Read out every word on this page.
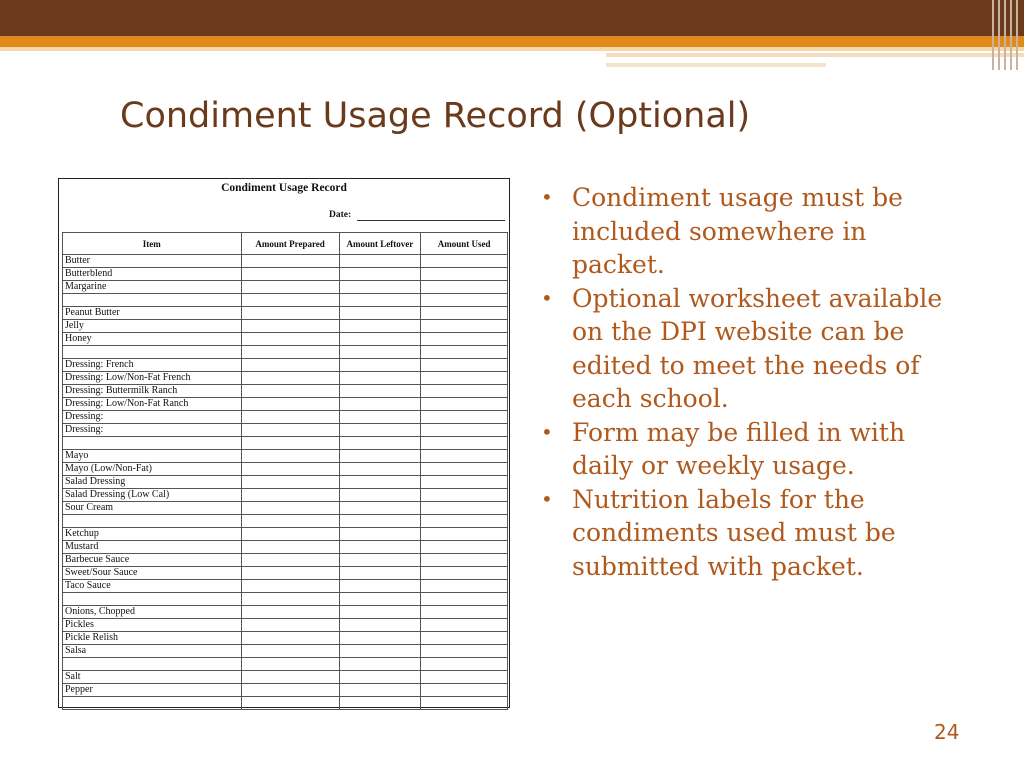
Condiment Usage Record (Optional)
Condiment Usage Record
Date:
Item	Amount Prepared	Amount Leftover	Amount Used
Butter			
Butterblend			
Margarine			

Peanut Butter			
Jelly			
Honey			

Dressing: French			
Dressing: Low/Non-Fat French			
Dressing: Buttermilk Ranch			
Dressing: Low/Non-Fat Ranch			
Dressing:			
Dressing:			

Mayo			
Mayo (Low/Non-Fat)			
Salad Dressing			
Salad Dressing (Low Cal)			
Sour Cream			

Ketchup			
Mustard			
Barbecue Sauce			
Sweet/Sour Sauce			
Taco Sauce			

Onions, Chopped			
Pickles			
Pickle Relish			
Salsa			

Salt			
Pepper			

• Condiment usage must be included somewhere in packet.
• Optional worksheet available on the DPI website can be edited to meet the needs of each school.
• Form may be filled in with daily or weekly usage.
• Nutrition labels for the condiments used must be submitted with packet.
24
